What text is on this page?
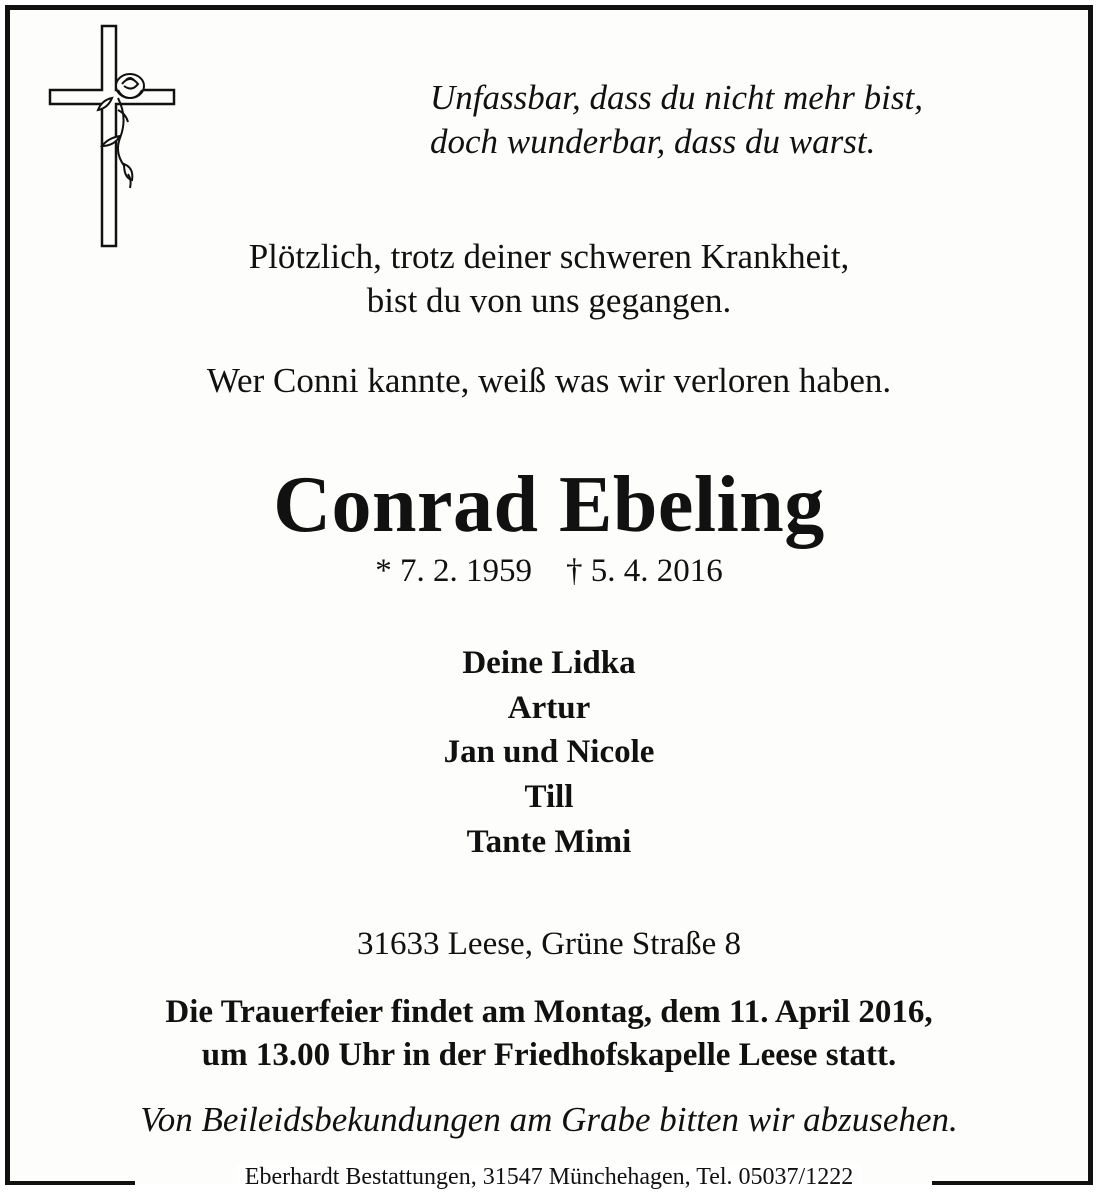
Unfassbar, dass du nicht mehr bist,
doch wunderbar, dass du warst.
Plötzlich, trotz deiner schweren Krankheit,
bist du von uns gegangen.
Wer Conni kannte, weiß was wir verloren haben.
Conrad Ebeling
* 7. 2. 1959 † 5. 4. 2016
Deine Lidka
Artur
Jan und Nicole
Till
Tante Mimi
31633 Leese, Grüne Straße 8
Die Trauerfeier findet am Montag, dem 11. April 2016,
um 13.00 Uhr in der Friedhofskapelle Leese statt.
Von Beileidsbekundungen am Grabe bitten wir abzusehen.
Eberhardt Bestattungen, 31547 Münchehagen, Tel. 05037/1222
